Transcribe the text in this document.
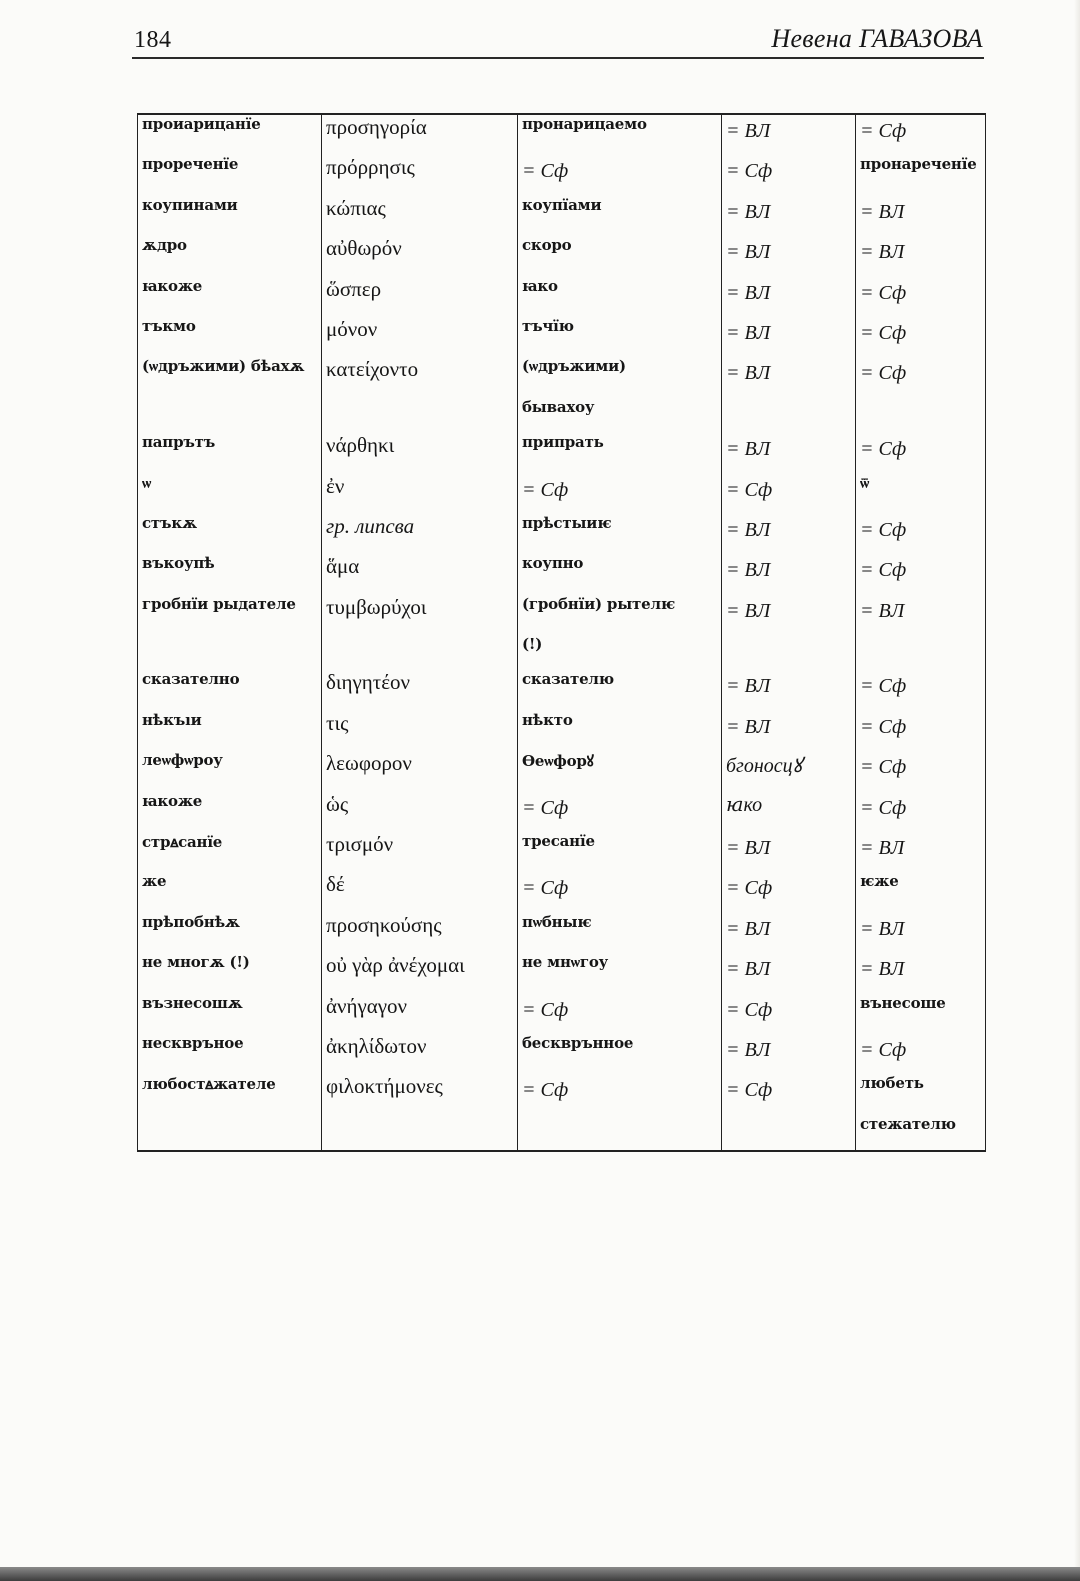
184	Невена ГАВАЗОВА
проиарицанїе	προσηγορία	пронарицаемо	= ВЛ	= Сф
прореченїе	πρόρρησις	= Сф	= Сф	пронареченїе
коупинами	κώπιας	коупїами	= ВЛ	= ВЛ
ѫдро	αὐθωρόν	скоро	= ВЛ	= ВЛ
ꙗкоже	ὥσπερ	ꙗко	= ВЛ	= Сф
тъкмо	μόνον	тъчїю	= ВЛ	= Сф
(ѡдръжими) бѣахѫ	κατείχοντο	(ѡдръжими)	= ВЛ	= Сф
		бывахоу		
папрътъ	νάρθηκι	припрать	= ВЛ	= Сф
ѡ	ἐν	= Сф	= Сф	ѿ
стъкѫ	гр. липсва	прѣстыиѥ	= ВЛ	= Сф
въкоупѣ	ἅμα	коупно	= ВЛ	= Сф
гробнїи рыдателе	τυμβωρύχοι	(гробнїи) рытелѥ	= ВЛ	= ВЛ
		(!)		
сказателно	διηγητέον	сказателю	= ВЛ	= Сф
нѣкъıи	τις	нѣкто	= ВЛ	= Сф
леѡфѡроу	λεωφορον	Ѳеѡфорꙋ	бгоносцꙋ	= Сф
ꙗкоже	ὡς	= Сф	ꙗко	= Сф
стрꙙсанїе	τρισμόν	тресанїе	= ВЛ	= ВЛ
же	δέ	= Сф	= Сф	ѥже
прѣпобнѣѫ	προσηκούσης	пѡбныѥ	= ВЛ	= ВЛ
не многѫ (!)	οὐ γὰρ ἀνέχομαι	не мнѡгоу	= ВЛ	= ВЛ
възнесошѫ	ἀνήγαγον	= Сф	= Сф	вънесоше
несквръное	ἀκηλίδωτον	бескврънное	= ВЛ	= Сф
любостꙙжателе	φιλοκτήμονες	= Сф	= Сф	любеть
				стежателю
